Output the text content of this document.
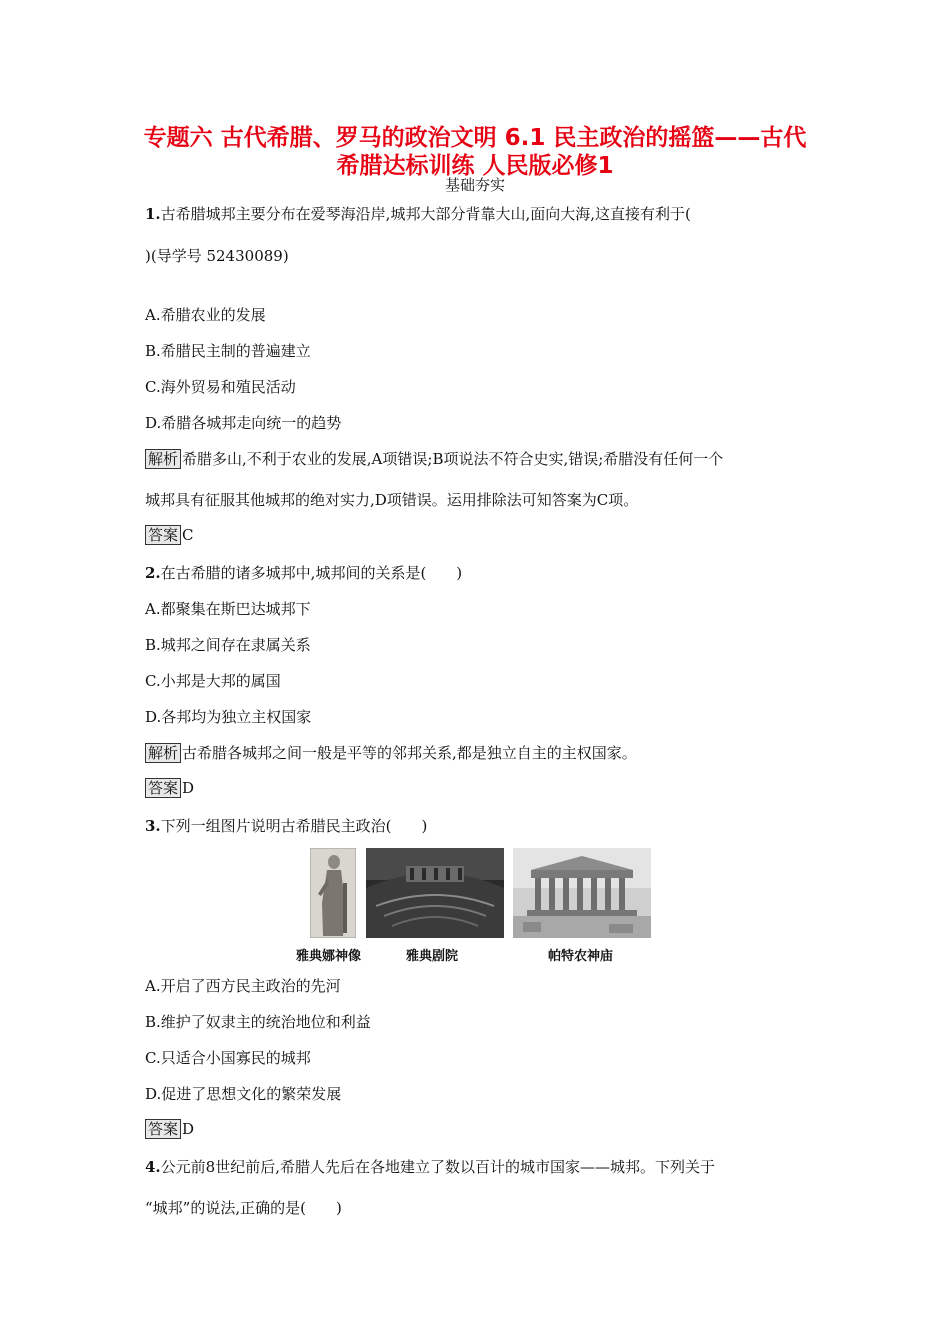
专题六 古代希腊、罗马的政治文明 6.1 民主政治的摇篮——古代
希腊达标训练 人民版必修1
基础夯实
1.古希腊城邦主要分布在爱琴海沿岸,城邦大部分背靠大山,面向大海,这直接有利于(
)(导学号 52430089)
A.希腊农业的发展
B.希腊民主制的普遍建立
C.海外贸易和殖民活动
D.希腊各城邦走向统一的趋势
解析 希腊多山,不利于农业的发展,A项错误;B项说法不符合史实,错误;希腊没有任何一个
城邦具有征服其他城邦的绝对实力,D项错误。运用排除法可知答案为C项。
答案 C
2.在古希腊的诸多城邦中,城邦间的关系是(　　)
A.都聚集在斯巴达城邦下
B.城邦之间存在隶属关系
C.小邦是大邦的属国
D.各邦均为独立主权国家
解析 古希腊各城邦之间一般是平等的邻邦关系,都是独立自主的主权国家。
答案 D
3.下列一组图片说明古希腊民主政治(　　)
雅典娜神像	雅典剧院	帕特农神庙
A.开启了西方民主政治的先河
B.维护了奴隶主的统治地位和利益
C.只适合小国寡民的城邦
D.促进了思想文化的繁荣发展
答案 D
4.公元前8世纪前后,希腊人先后在各地建立了数以百计的城市国家——城邦。下列关于
“城邦”的说法,正确的是(　　)
